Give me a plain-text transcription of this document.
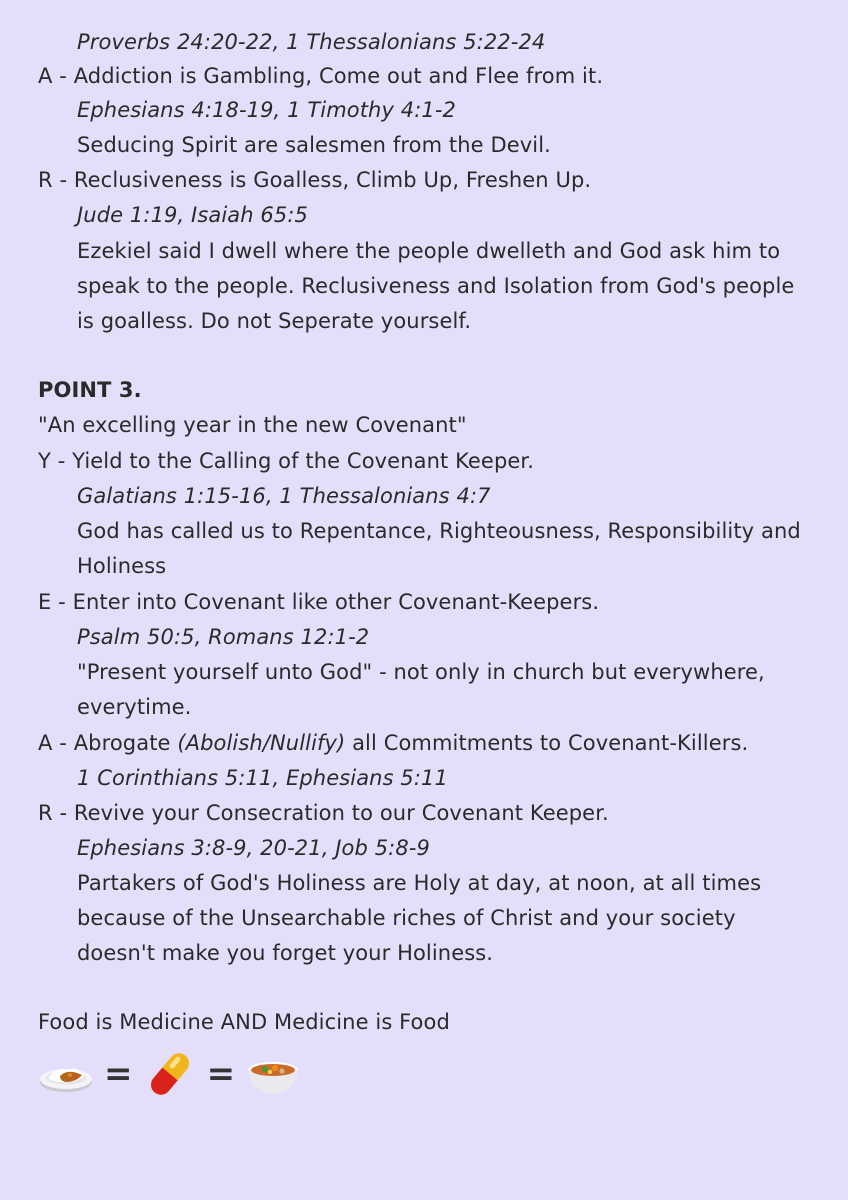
Proverbs 24:20-22, 1 Thessalonians 5:22-24
A - Addiction is Gambling, Come out and Flee from it.
Ephesians 4:18-19, 1 Timothy 4:1-2
Seducing Spirit are salesmen from the Devil.
R - Reclusiveness is Goalless, Climb Up, Freshen Up.
Jude 1:19, Isaiah 65:5
Ezekiel said I dwell where the people dwelleth and God ask him to
speak to the people. Reclusiveness and Isolation from God's people
is goalless. Do not Seperate yourself.
POINT 3.
"An excelling year in the new Covenant"
Y - Yield to the Calling of the Covenant Keeper.
Galatians 1:15-16, 1 Thessalonians 4:7
God has called us to Repentance, Righteousness, Responsibility and
Holiness
E - Enter into Covenant like other Covenant-Keepers.
Psalm 50:5, Romans 12:1-2
"Present yourself unto God" - not only in church but everywhere,
everytime.
A - Abrogate (Abolish/Nullify) all Commitments to Covenant-Killers.
1 Corinthians 5:11, Ephesians 5:11
R - Revive your Consecration to our Covenant Keeper.
Ephesians 3:8-9, 20-21, Job 5:8-9
Partakers of God's Holiness are Holy at day, at noon, at all times
because of the Unsearchable riches of Christ and your society
doesn't make you forget your Holiness.
Food is Medicine AND Medicine is Food
= =
